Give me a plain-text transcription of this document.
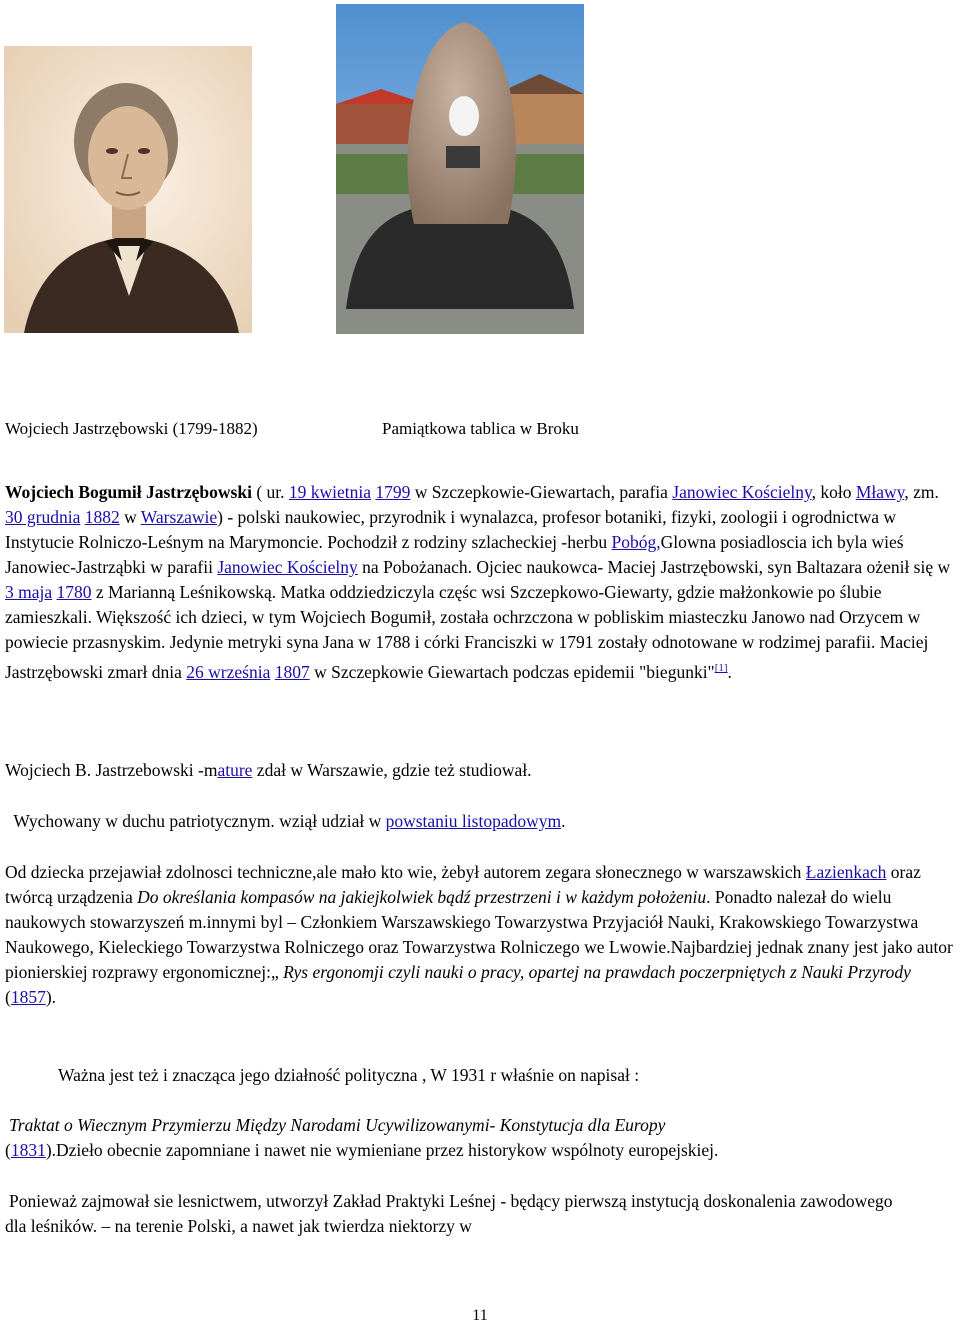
Wojciech Jastrzębowski (1799-1882)	Pamiątkowa tablica w Broku
Wojciech Bogumił Jastrzębowski ( ur. 19 kwietnia 1799 w Szczepkowie-Giewartach, parafia Janowiec Kościelny, koło Mławy, zm. 30 grudnia 1882 w Warszawie) - polski naukowiec, przyrodnik i wynalazca, profesor botaniki, fizyki, zoologii i ogrodnictwa w Instytucie Rolniczo-Leśnym na Marymoncie. Pochodził z rodziny szlacheckiej -herbu Pobóg,Glowna posiadloscia ich byla wieś Janowiec-Jastrząbki w parafii Janowiec Kościelny na Pobożanach. Ojciec naukowca- Maciej Jastrzębowski, syn Baltazara ożenił się w 3 maja 1780 z Marianną Leśnikowską. Matka oddziedziczyla częśc wsi Szczepkowo-Giewarty, gdzie małżonkowie po ślubie zamieszkali. Większość ich dzieci, w tym Wojciech Bogumił, została ochrzczona w pobliskim miasteczku Janowo nad Orzycem w powiecie przasnyskim. Jedynie metryki syna Jana w 1788 i córki Franciszki w 1791 zostały odnotowane w rodzimej parafii. Maciej Jastrzębowski zmarł dnia 26 września 1807 w Szczepkowie Giewartach podczas epidemii "biegunki"[1].
Wojciech B. Jastrzebowski -mature zdał w Warszawie, gdzie też studiował.
Wychowany w duchu patriotycznym. wziął udział w powstaniu listopadowym.
Od dziecka przejawiał zdolnosci techniczne,ale mało kto wie, żebył autorem zegara słonecznego w warszawskich Łazienkach oraz twórcą urządzenia Do określania kompasów na jakiejkolwiek bądź przestrzeni i w każdym położeniu. Ponadto nalezał do wielu naukowych stowarzyszeń m.innymi byl – Członkiem Warszawskiego Towarzystwa Przyjaciół Nauki, Krakowskiego Towarzystwa Naukowego, Kieleckiego Towarzystwa Rolniczego oraz Towarzystwa Rolniczego we Lwowie.Najbardziej jednak znany jest jako autor pionierskiej rozprawy ergonomicznej:„ Rys ergonomji czyli nauki o pracy, opartej na prawdach poczerpniętych z Nauki Przyrody (1857).
Ważna jest też i znacząca jego działność polityczna , W 1931 r właśnie on napisał :
Traktat o Wiecznym Przymierzu Między Narodami Ucywilizowanymi- Konstytucja dla Europy
(1831).Dzieło obecnie zapomniane i nawet nie wymieniane przez historykow wspólnoty europejskiej.
Ponieważ zajmował sie lesnictwem, utworzył Zakład Praktyki Leśnej - będący pierwszą instytucją doskonalenia zawodowego dla leśników. – na terenie Polski, a nawet jak twierdza niektorzy w
11
